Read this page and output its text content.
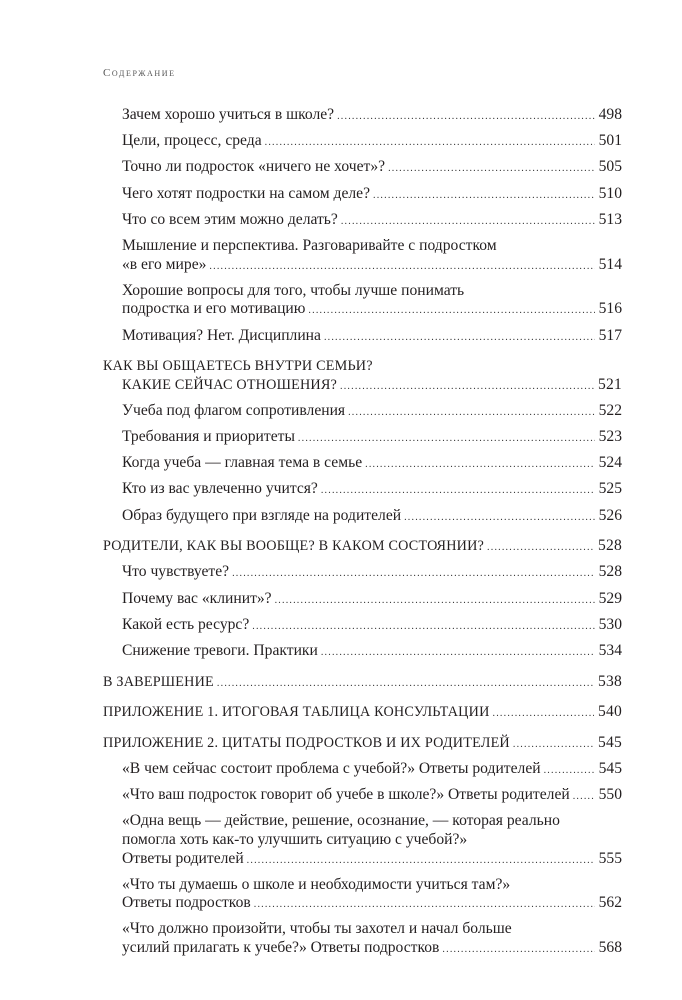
Содержание
Зачем хорошо учиться в школе? .....	498
Цели, процесс, среда .....	501
Точно ли подросток «ничего не хочет»? .....	505
Чего хотят подростки на самом деле? .....	510
Что со всем этим можно делать? .....	513
Мышление и перспектива. Разговаривайте с подростком
«в его мире» .....	514
Хорошие вопросы для того, чтобы лучше понимать
подростка и его мотивацию .....	516
Мотивация? Нет. Дисциплина .....	517
КАК ВЫ ОБЩАЕТЕСЬ ВНУТРИ СЕМЬИ?
КАКИЕ СЕЙЧАС ОТНОШЕНИЯ? .....	521
Учеба под флагом сопротивления .....	522
Требования и приоритеты .....	523
Когда учеба — главная тема в семье .....	524
Кто из вас увлеченно учится? .....	525
Образ будущего при взгляде на родителей .....	526
РОДИТЕЛИ, КАК ВЫ ВООБЩЕ? В КАКОМ СОСТОЯНИИ? .....	528
Что чувствуете? .....	528
Почему вас «клинит»? .....	529
Какой есть ресурс? .....	530
Снижение тревоги. Практики .....	534
В ЗАВЕРШЕНИЕ .....	538
ПРИЛОЖЕНИЕ 1. ИТОГОВАЯ ТАБЛИЦА КОНСУЛЬТАЦИИ .....	540
ПРИЛОЖЕНИЕ 2. ЦИТАТЫ ПОДРОСТКОВ И ИХ РОДИТЕЛЕЙ .....	545
«В чем сейчас состоит проблема с учебой?» Ответы родителей .....	545
«Что ваш подросток говорит об учебе в школе?» Ответы родителей ..... 550
«Одна вещь — действие, решение, осознание, — которая реально
помогла хоть как-то улучшить ситуацию с учебой?»
Ответы родителей .....	555
«Что ты думаешь о школе и необходимости учиться там?»
Ответы подростков .....	562
«Что должно произойти, чтобы ты захотел и начал больше
усилий прилагать к учебе?» Ответы подростков .....	568
